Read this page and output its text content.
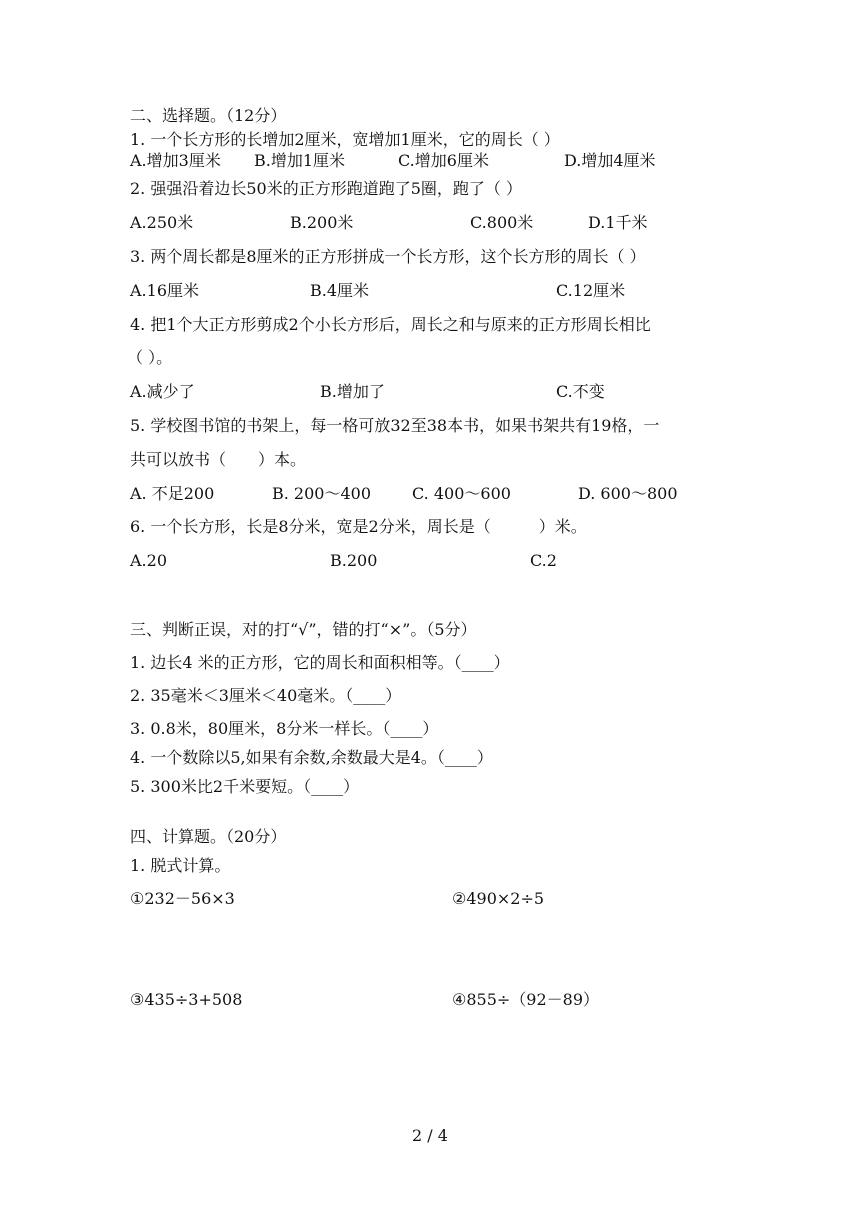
二、选择题。（12分）
1. 一个长方形的长增加2厘米，宽增加1厘米，它的周长（ ）
A.增加3厘米 B.增加1厘米	C.增加6厘米	D.增加4厘米
2. 强强沿着边长50米的正方形跑道跑了5圈，跑了（ ）
A.250米	B.200米	C.800米	D.1千米
3. 两个周长都是8厘米的正方形拼成一个长方形，这个长方形的周长（ ）
A.16厘米	B.4厘米	C.12厘米
4. 把1个大正方形剪成2个小长方形后，周长之和与原来的正方形周长相比
（ ）。
A.减少了	B.增加了	C.不变
5. 学校图书馆的书架上，每一格可放32至38本书，如果书架共有19格，一
共可以放书（　　）本。
A. 不足200	B. 200～400	C. 400～600	D. 600～800
6. 一个长方形，长是8分米，宽是2分米，周长是（　　　）米。
A.20	B.200	C.2
三、判断正误，对的打“√”，错的打“×”。（5分）
1. 边长4 米的正方形，它的周长和面积相等。（____）
2. 35毫米＜3厘米＜40毫米。（____）
3. 0.8米，80厘米，8分米一样长。（____）
4. 一个数除以5,如果有余数,余数最大是4。（____）
5. 300米比2千米要短。（____）
四、计算题。（20分）
1. 脱式计算。
①232－56×3	②490×2÷5
③435÷3+508	④855÷（92－89）
2 / 4
